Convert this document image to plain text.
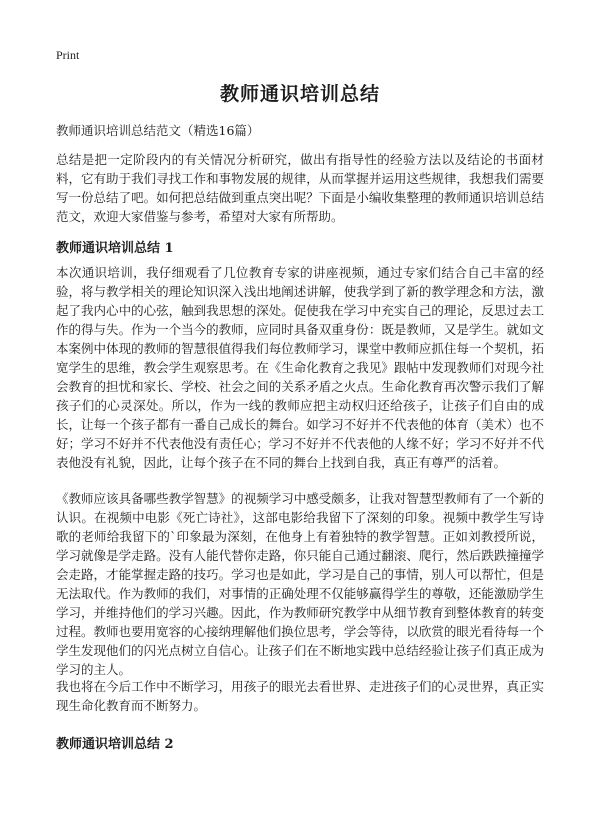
Print
教师通识培训总结

教师通识培训总结范文（精选16篇）

总结是把一定阶段内的有关情况分析研究，做出有指导性的经验方法以及结论的书面材料，它有助于我们寻找工作和事物发展的规律，从而掌握并运用这些规律，我想我们需要写一份总结了吧。如何把总结做到重点突出呢？下面是小编收集整理的教师通识培训总结范文，欢迎大家借鉴与参考，希望对大家有所帮助。

教师通识培训总结 1

本次通识培训，我仔细观看了几位教育专家的讲座视频，通过专家们结合自己丰富的经验，将与教学相关的理论知识深入浅出地阐述讲解，使我学到了新的教学理念和方法，激起了我内心中的心弦，触到我思想的深处。促使我在学习中充实自己的理论，反思过去工作的得与失。作为一个当今的教师，应同时具备双重身份：既是教师，又是学生。就如文本案例中体现的教师的智慧很值得我们每位教师学习，课堂中教师应抓住每一个契机，拓宽学生的思维，教会学生观察思考。在《生命化教育之我见》跟帖中发现教师们对现今社会教育的担忧和家长、学校、社会之间的关系矛盾之火点。生命化教育再次警示我们了解孩子们的心灵深处。所以，作为一线的教师应把主动权归还给孩子，让孩子们自由的成长，让每一个孩子都有一番自己成长的舞台。如学习不好并不代表他的体育（美术）也不好；学习不好并不代表他没有责任心；学习不好并不代表他的人缘不好；学习不好并不代表他没有礼貌，因此，让每个孩子在不同的舞台上找到自我，真正有尊严的活着。

《教师应该具备哪些教学智慧》的视频学习中感受颇多，让我对智慧型教师有了一个新的认识。在视频中电影《死亡诗社》，这部电影给我留下了深刻的印象。视频中教学生写诗歌的老师给我留下的`印象最为深刻，在他身上有着独特的教学智慧。正如刘教授所说，学习就像是学走路。没有人能代替你走路，你只能自己通过翻滚、爬行，然后跌跌撞撞学会走路，才能掌握走路的技巧。学习也是如此，学习是自己的事情，别人可以帮忙，但是无法取代。作为教师的我们，对事情的正确处理不仅能够赢得学生的尊敬，还能激励学生学习，并维持他们的学习兴趣。因此，作为教师研究教学中从细节教育到整体教育的转变过程。教师也要用宽容的心接纳理解他们换位思考，学会等待，以欣赏的眼光看待每一个学生发现他们的闪光点树立自信心。让孩子们在不断地实践中总结经验让孩子们真正成为学习的主人。

我也将在今后工作中不断学习，用孩子的眼光去看世界、走进孩子们的心灵世界，真正实现生命化教育而不断努力。

教师通识培训总结 2
